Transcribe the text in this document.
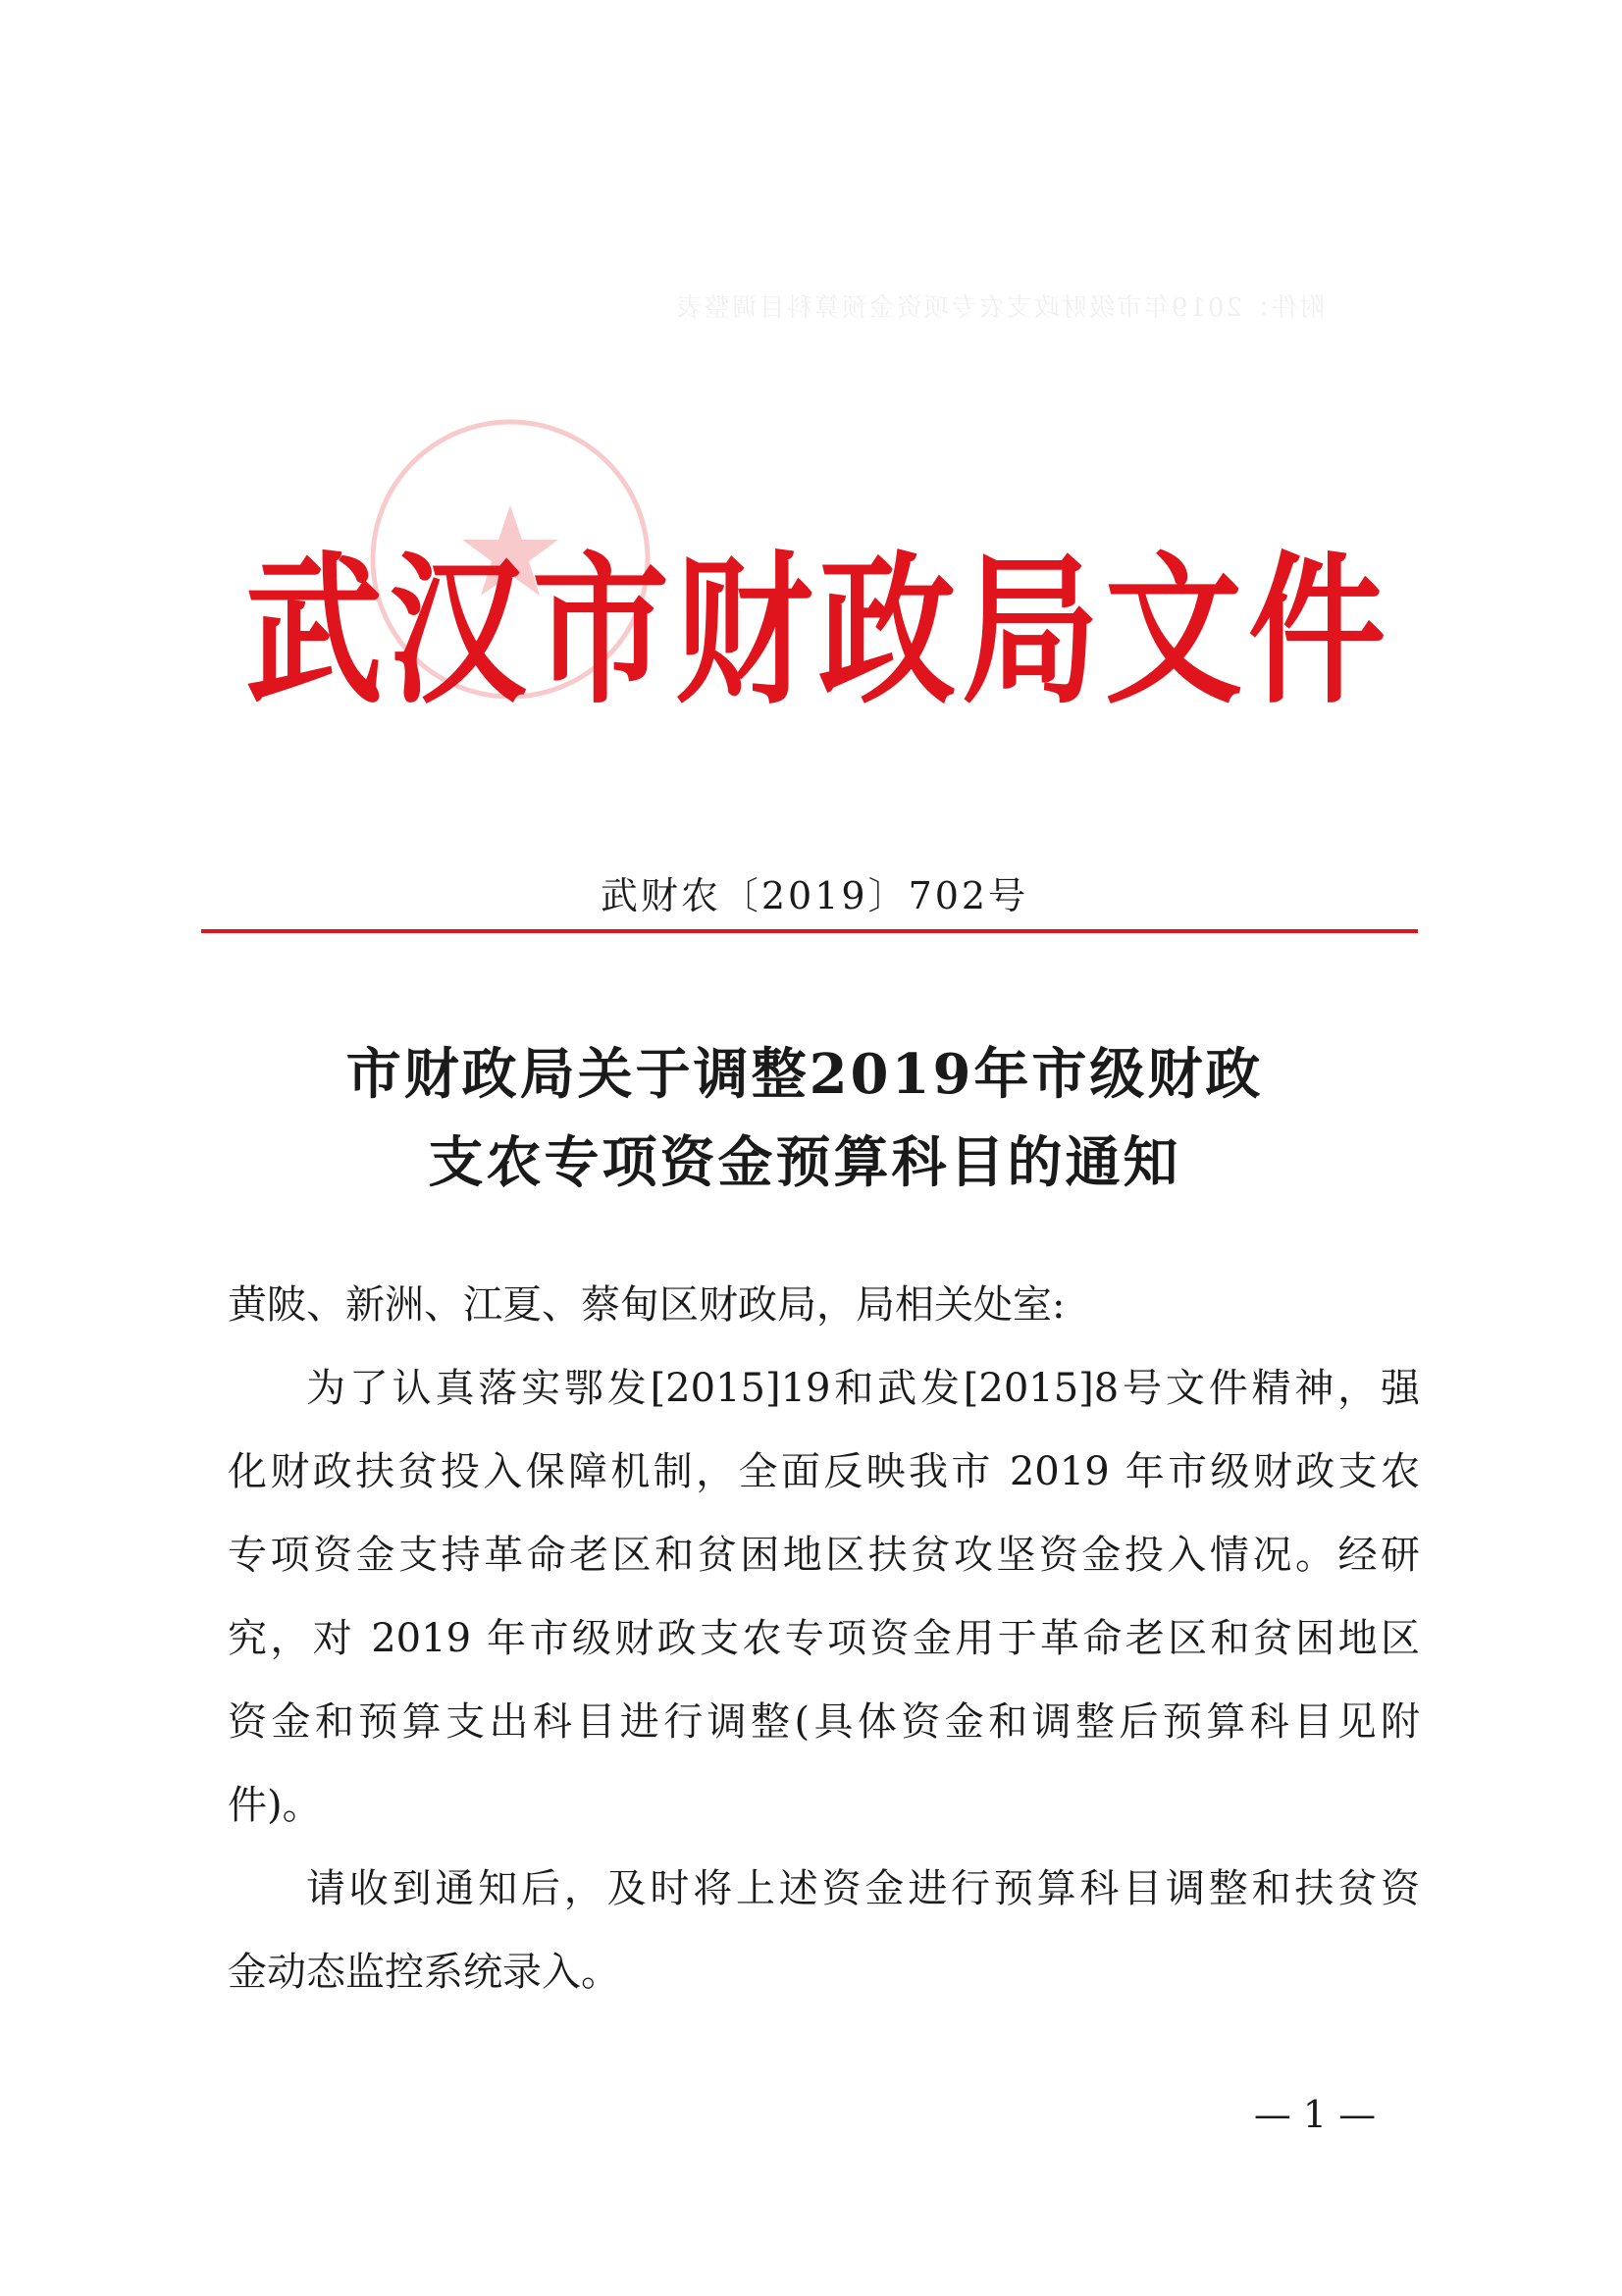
附件：2019年市级财政支农专项资金预算科目调整表
武汉市财政局文件
武财农〔2019〕702号
市财政局关于调整2019年市级财政
支农专项资金预算科目的通知
黄陂、新洲、江夏、蔡甸区财政局，局相关处室:
为了认真落实鄂发[2015]19和武发[2015]8号文件精神，强
化财政扶贫投入保障机制，全面反映我市 2019 年市级财政支农
专项资金支持革命老区和贫困地区扶贫攻坚资金投入情况。经研
究，对 2019 年市级财政支农专项资金用于革命老区和贫困地区
资金和预算支出科目进行调整(具体资金和调整后预算科目见附
件)。
请收到通知后，及时将上述资金进行预算科目调整和扶贫资
金动态监控系统录入。
— 1 —
